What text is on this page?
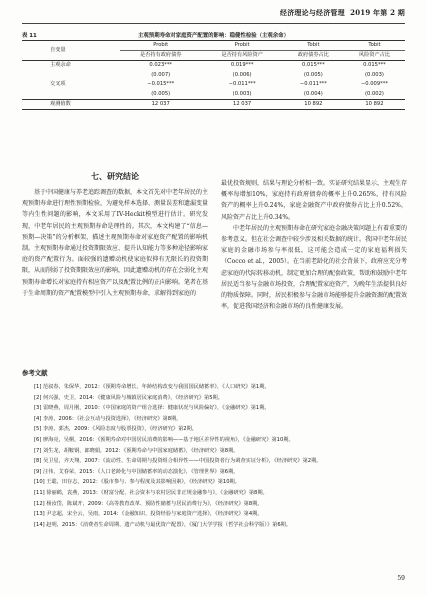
经济理论与经济管理 2019 年第 2 期
表 11	主观预期寿命对家庭资产配置的影响：稳健性检验（主观余命）
自变量	Probit	Probit	Tobit	Tobit
	是否持有政府债券	是否持有风险资产	政府债券占比	风险资产占比
主观余命	0.023***	0.019***	0.015***	0.015***
	(0.007)	(0.006)	(0.005)	(0.003)
交叉项	−0.015***	−0.011***	−0.011***	−0.009***
	(0.005)	(0.003)	(0.004)	(0.002)
观测值数	12 037	12 037	10 892	10 892
七、研究结论

基于中国健康与养老追踪调查的数据，本文首先对中老年居民的主观预期寿命进行理性预期检验，为避免样本选择、测量误差和遗漏变量等内生性问题的影响，本文采用了IV-Heckit模型进行估计。研究发现，中老年居民的主观预期寿命是理性的。其次，本文构建了“信息—预期—决策”的分析框架，描述主观预期寿命对家庭资产配置的影响机制。主观预期寿命通过投资期限效应、提升认知能力等多种途径影响家庭的资产配置行为。面较强的遗赠动机使家庭似抑有无限长的投资期限，从而削弱了投资期限效应的影响，因此遗赠动机的存在会弱化主观预期寿命增长对家庭持有相应资产以及配置比例的正向影响。笔者在基于生命周期的资产配置模型中引入主观预期寿命，求解得到家庭的

最优投资规则，结果与理论分析相一致。实证研究结果显示，主观生存概率每增加10%，家庭持有政府债券的概率上升0.265%，持有风险资产的概率上升0.24%，家庭金融资产中政府债券占比上升0.52%，风险资产占比上升0.34%。

中老年居民的主观预期寿命在研究家庭金融决策问题上有着重要的参考意义。但在社会调查中较少涉及相关数据的统计。我国中老年居民家庭的金融市场参与率很低，这可能会造成一定的家庭福利损失（Cocco et al.，2005）。在当前老龄化的社会背景下，政府应充分考虑家庭的代际转移动机，制定更加合理的配套政策，帮助和鼓励中老年居民适当参与金融市场投资，合理配置家庭资产，为晚年生活提供良好的物质保障。同时，居民积极参与金融市场能够提升金融资源的配置效率，促进我国经济和金融市场的良性健康发展。

参考文献
[1] 范叙春，朱保华，2012：《预期寿命增长、年龄结构改变与我国国民储蓄率》，《人口研究》第1期。
[2] 何兴强，史卫，2014：《健康风险与城镇居民家庭消费》，《经济研究》第5期。
[3] 雷晓燕，周月刚，2010：《中国家庭的资产组合选择：健康状况与风险偏好》，《金融研究》第1期。
[4] 李涛，2006：《社会互动与投资选择》，《经济研究》第8期。
[5] 李涛，郭杰，2009：《风险态度与股票投资》，《经济研究》第2期。
[6] 廖海亮，吴桐，2016：《预期寿命对中国居民消费的影响——基于地区差异性的视角》，《金融研究》第10期。
[7] 刘生龙，胡鞍钢，郎晓娟，2012：《预期寿命与中国家庭储蓄》，《经济研究》第8期。
[8] 吴卫星，齐天翔，2007：《流动性、生命周期与投资组合相异性——中国投资者行为调查实证分析》，《经济研究》第2期。
[9] 汪伟，艾春荣，2015：《人口老龄化与中国储蓄率的动态演化》，《管理世界》第6期。
[10] 王聪，田存志，2012：《股市参与、参与程度及其影响因素》，《经济研究》第10期。
[11] 徐丽鹤，袁燕，2013：《财富分配、社会资本与农村居民非正规金融参与》，《金融研究》第8期。
[12] 杨汝岱，陈斌开，2009：《高等教育改革、预防性储蓄与居民消费行为》，《经济研究》第8期。
[13] 尹志超，宋全云，吴雨，2014：《金融知识、投资经验与家庭资产选择》，《经济研究》第4期。
[14] 赵明，2015：《消费者生命周期、遗产动机与最优资产配置》，《厦门大学学报（哲学社会科学版）》第6期。
59
